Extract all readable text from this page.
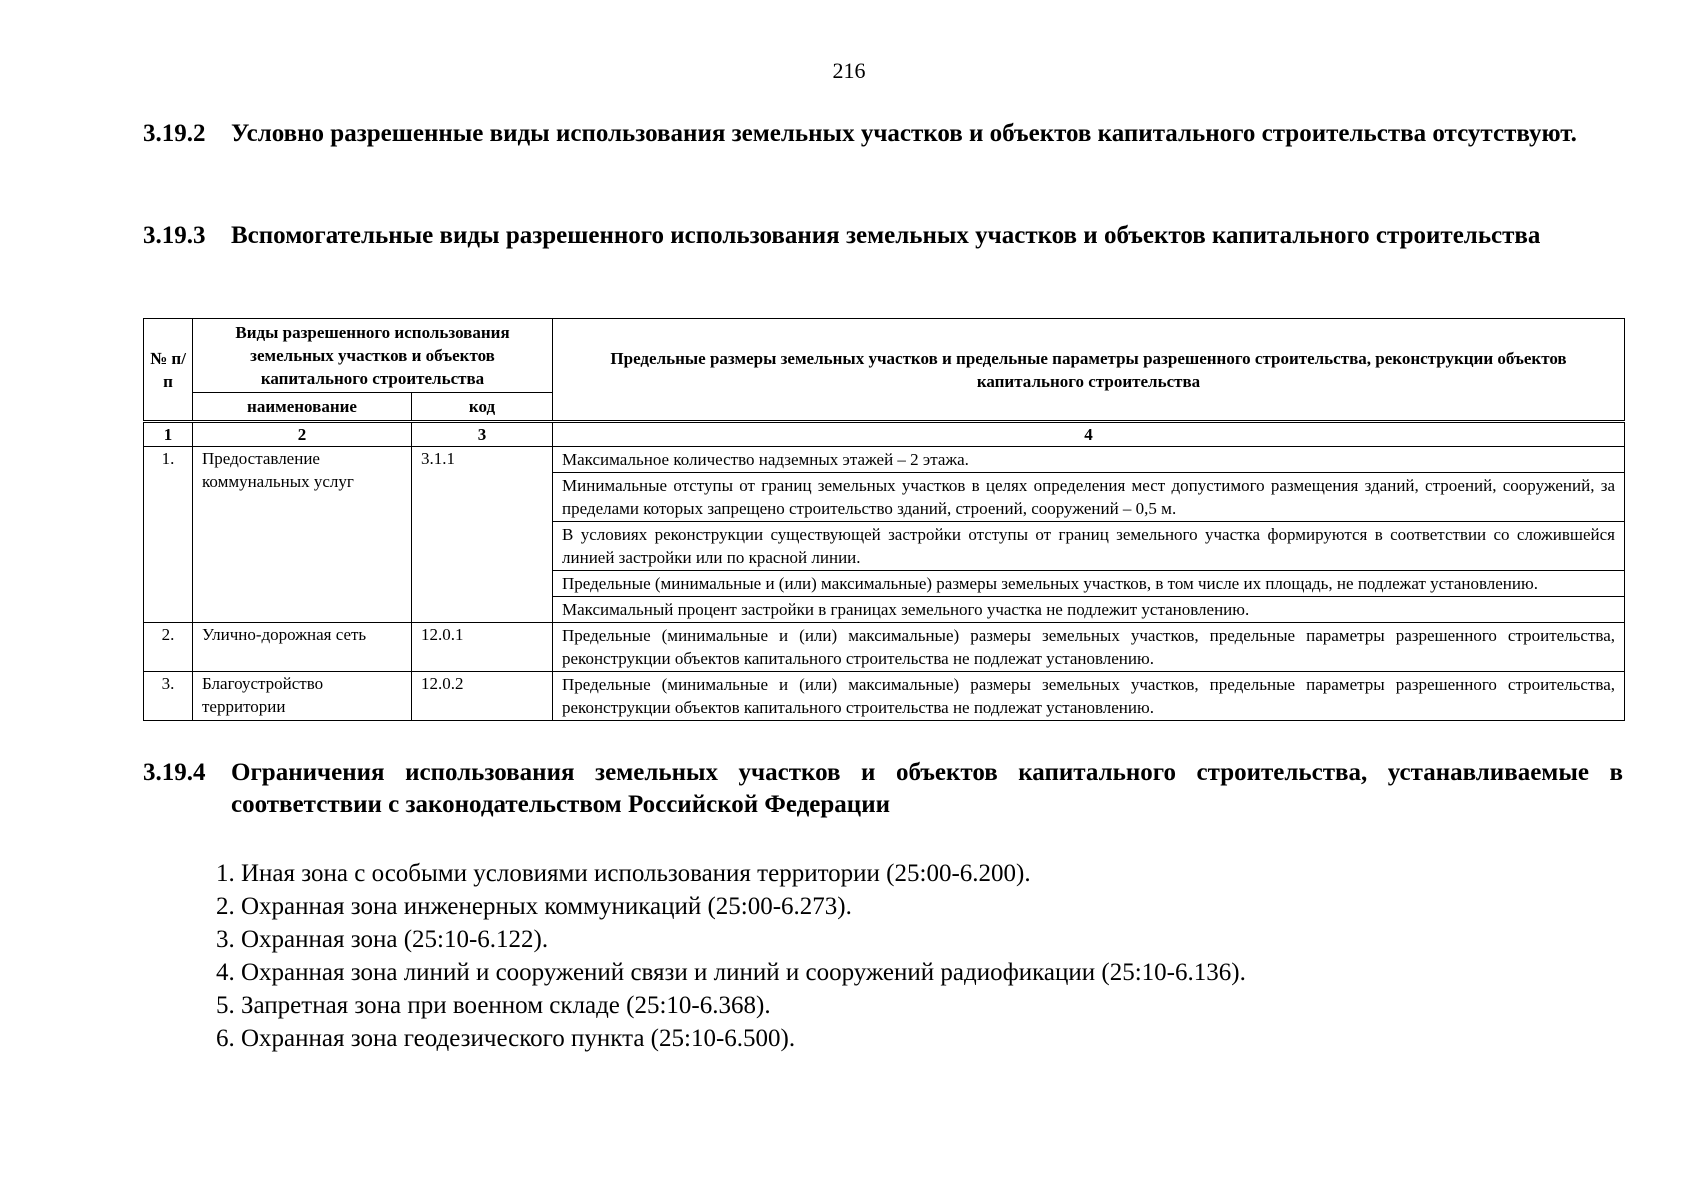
216
3.19.2	Условно разрешенные виды использования земельных участков и объектов капитального строительства отсутствуют.
3.19.3	Вспомогательные виды разрешенного использования земельных участков и объектов капитального строительства
№ п/п	Виды разрешенного использования земельных участков и объектов капитального строительства		Предельные размеры земельных участков и предельные параметры разрешенного строительства, реконструкции объектов капитального строительства
	наименование	код	
1	2	3	4
1.	Предоставление коммунальных услуг	3.1.1	Максимальное количество надземных этажей – 2 этажа.
			Минимальные отступы от границ земельных участков в целях определения мест допустимого размещения зданий, строений, сооружений, за пределами которых запрещено строительство зданий, строений, сооружений – 0,5 м.
			В условиях реконструкции существующей застройки отступы от границ земельного участка формируются в соответствии со сложившейся линией застройки или по красной линии.
			Предельные (минимальные и (или) максимальные) размеры земельных участков, в том числе их площадь, не подлежат установлению.
			Максимальный процент застройки в границах земельного участка не подлежит установлению.
2.	Улично-дорожная сеть	12.0.1	Предельные (минимальные и (или) максимальные) размеры земельных участков, предельные параметры разрешенного строительства, реконструкции объектов капитального строительства не подлежат установлению.
3.	Благоустройство территории	12.0.2	Предельные (минимальные и (или) максимальные) размеры земельных участков, предельные параметры разрешенного строительства, реконструкции объектов капитального строительства не подлежат установлению.
3.19.4	Ограничения использования земельных участков и объектов капитального строительства, устанавливаемые в соответствии с законодательством Российской Федерации
1. Иная зона с особыми условиями использования территории (25:00-6.200).
2. Охранная зона инженерных коммуникаций (25:00-6.273).
3. Охранная зона (25:10-6.122).
4. Охранная зона линий и сооружений связи и линий и сооружений радиофикации (25:10-6.136).
5. Запретная зона при военном складе (25:10-6.368).
6. Охранная зона геодезического пункта (25:10-6.500).
